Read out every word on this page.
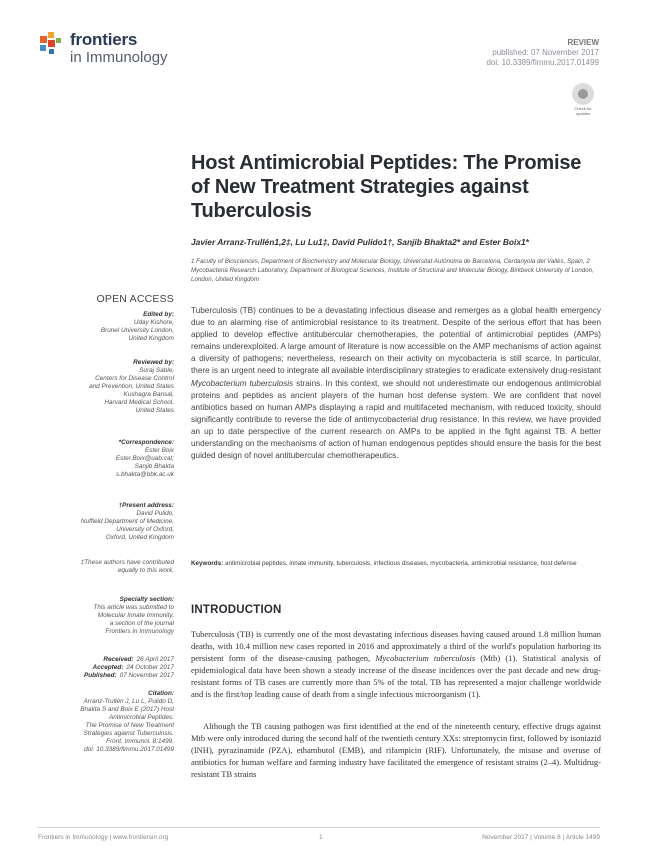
frontiers
in Immunology
REVIEW
published: 07 November 2017
doi: 10.3389/fimmu.2017.01499
Check for updates
Host Antimicrobial Peptides: The Promise of New Treatment Strategies against Tuberculosis
Javier Arranz-Trullén1,2‡, Lu Lu1‡, David Pulido1†, Sanjib Bhakta2* and Ester Boix1*
1 Faculty of Biosciences, Department of Biochemistry and Molecular Biology, Universitat Autònoma de Barcelona, Cerdanyola del Vallès, Spain, 2 Mycobacteria Research Laboratory, Department of Biological Sciences, Institute of Structural and Molecular Biology, Birkbeck University of London, London, United Kingdom
OPEN ACCESS
Edited by:
Uday Kishore,
Brunel University London,
United Kingdom
Reviewed by:
Suraj Sable,
Centers for Disease Control
and Prevention, United States
Kushagra Bansal,
Harvard Medical School,
United States
*Correspondence:
Ester Boix
Ester.Boix@uab.cat;
Sanjib Bhakta
s.bhakta@bbk.ac.uk
†Present address:
David Pulido,
Nuffield Department of Medicine,
University of Oxford,
Oxford, United Kingdom
‡These authors have contributed
equally to this work.
Specialty section:
This article was submitted to
Molecular Innate Immunity,
a section of the journal
Frontiers in Immunology
Received: 26 April 2017
Accepted: 24 October 2017
Published: 07 November 2017
Citation:
Arranz-Trullén J, Lu L, Pulido D,
Bhakta S and Boix E (2017) Host
Antimicrobial Peptides:
The Promise of New Treatment
Strategies against Tuberculosis.
Front. Immunol. 8:1499.
doi: 10.3389/fimmu.2017.01499
Tuberculosis (TB) continues to be a devastating infectious disease and remerges as a global health emergency due to an alarming rise of antimicrobial resistance to its treatment. Despite of the serious effort that has been applied to develop effective antitubercular chemotherapies, the potential of antimicrobial peptides (AMPs) remains underexploited. A large amount of literature is now accessible on the AMP mechanisms of action against a diversity of pathogens; nevertheless, research on their activity on mycobacteria is still scarce. In particular, there is an urgent need to integrate all available interdisciplinary strategies to eradicate extensively drug-resistant Mycobacterium tuberculosis strains. In this context, we should not underestimate our endogenous antimicrobial proteins and peptides as ancient players of the human host defense system. We are confident that novel antibiotics based on human AMPs displaying a rapid and multifaceted mechanism, with reduced toxicity, should significantly contribute to reverse the tide of antimycobacterial drug resistance. In this review, we have provided an up to date perspective of the current research on AMPs to be applied in the fight against TB. A better understanding on the mechanisms of action of human endogenous peptides should ensure the basis for the best guided design of novel antitubercular chemotherapeutics.
Keywords: antimicrobial peptides, innate immunity, tuberculosis, infectious diseases, mycobacteria, antimicrobial resistance, host defense
INTRODUCTION
Tuberculosis (TB) is currently one of the most devastating infectious diseases having caused around 1.8 million human deaths, with 10.4 million new cases reported in 2016 and approximately a third of the world's population harboring its persistent form of the disease-causing pathogen, Mycobacterium tuberculosis (Mtb) (1). Statistical analysis of epidemiological data have been shown a steady increase of the disease incidences over the past decade and new drug-resistant forms of TB cases are currently more than 5% of the total. TB has represented a major challenge worldwide and is the first/top leading cause of death from a single infectious microorganism (1).
Although the TB causing pathogen was first identified at the end of the nineteenth century, effective drugs against Mtb were only introduced during the second half of the twentieth century XXs: streptomycin first, followed by isoniazid (INH), pyrazinamide (PZA), ethambutol (EMB), and rifampicin (RIF). Unfortunately, the misuse and overuse of antibiotics for human welfare and farming industry have facilitated the emergence of resistant strains (2–4). Multidrug-resistant TB strains
Frontiers in Immunology | www.frontiersin.org	1	November 2017 | Volume 8 | Article 1499
